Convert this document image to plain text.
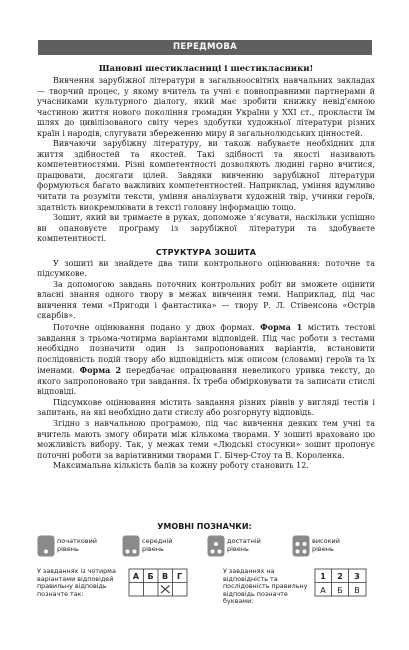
ПЕРЕДМОВА
Шановні шестикласниці і шестикласники!
Вивчення зарубіжної літератури в загальноосвітніх навчальних закладах — творчий процес, у якому вчитель та учні є повноправними партнерами й учасниками культурного діалогу, який має зробити книжку невід’ємною частиною життя нового покоління громадян України у XXI ст., прокласти їм шлях до цивілізованого світу через здобутки художньої літератури різних країн і народів, слугувати збереженню миру й загальнолюдських цінностей.
Вивчаючи зарубіжну літературу, ви також набуваєте необхідних для життя здібностей та якостей. Такі здібності та якості називають компетентностями. Різні компетентності дозволяють людині гарно вчитися, працювати, досягати цілей. Завдяки вивченню зарубіжної літератури формуються багато важливих компетентностей. Наприклад, уміння вдумливо читати та розуміти тексти, уміння аналізувати художній твір, учинки героїв, здатність виокремлювати в тексті головну інформацію тощо.
Зошит, який ви тримаєте в руках, допоможе з’ясувати, наскільки успішно ви опановуєте програму із зарубіжної літератури та здобуваєте компетентності.
СТРУКТУРА ЗОШИТА
У зошиті ви знайдете два типи контрольного оцінювання: поточне та підсумкове.
За допомогою завдань поточних контрольних робіт ви зможете оцінити власні знання одного твору в межах вивчення теми. Наприклад, під час вивчення теми «Пригоди і фантастика» — твору Р. Л. Стівенсона «Острів скарбів».
Поточне оцінювання подано у двох формах. Форма 1 містить тестові завдання з трьома-чотирма варіантами відповідей. Під час роботи з тестами необхідно позначити один із запропонованих варіантів, встановити послідовність подій твору або відповідність між описом (словами) героїв та їх іменами. Форма 2 передбачає опрацювання невеликого уривка тексту, до якого запропоновано три завдання. Їх треба обмірковувати та записати стислі відповіді.
Підсумкове оцінювання містить завдання різних рівнів у вигляді тестів і запитань, на які необхідно дати стислу або розгорнуту відповідь.
Згідно з навчальною програмою, під час вивчення деяких тем учні та вчитель мають змогу обирати між кількома творами. У зошиті враховано цю можливість вибору. Так, у межах теми «Людські стосунки» зошит пропонує поточні роботи за варіативними творами Г. Бічер-Стоу та В. Короленка.
Максимальна кількість балів за кожну роботу становить 12.
УМОВНІ ПОЗНАЧКИ:
початковий рівень
середній рівень
достатній рівень
високий рівень
У завданнях із чотирма варіантами відповідей правильну відповідь позначте так:
А Б В Г
У завданнях на відповідність та послідовність правильну відповідь позначте буквами:
1 2 3
А Б В
